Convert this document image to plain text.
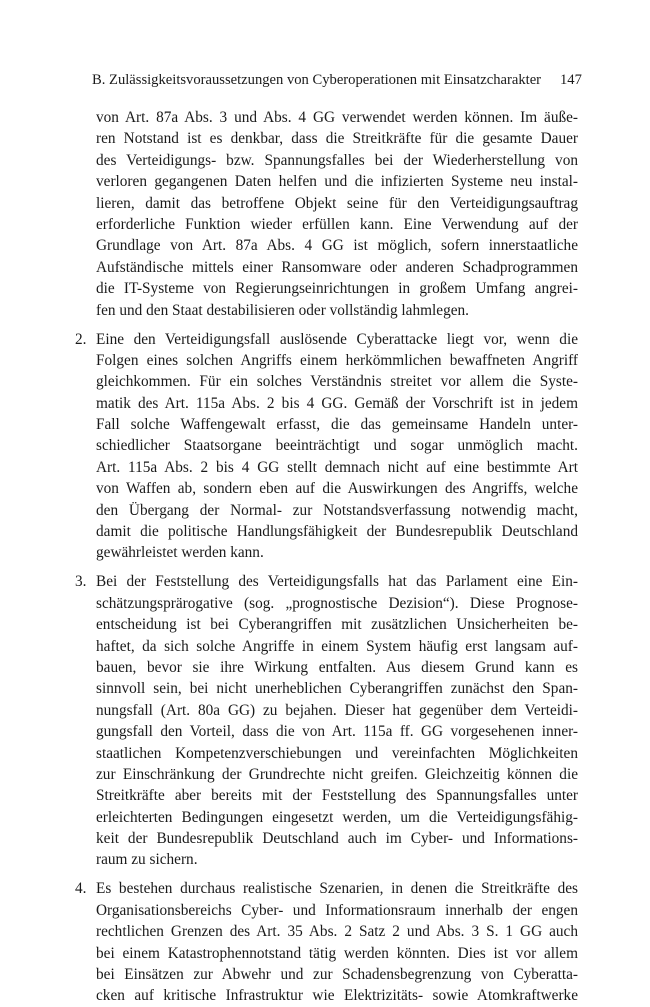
B. Zulässigkeitsvoraussetzungen von Cyberoperationen mit Einsatzcharakter 147
von Art. 87a Abs. 3 und Abs. 4 GG verwendet werden können. Im äuße-
ren Notstand ist es denkbar, dass die Streitkräfte für die gesamte Dauer
des Verteidigungs- bzw. Spannungsfalles bei der Wiederherstellung von
verloren gegangenen Daten helfen und die infizierten Systeme neu instal-
lieren, damit das betroffene Objekt seine für den Verteidigungsauftrag
erforderliche Funktion wieder erfüllen kann. Eine Verwendung auf der
Grundlage von Art. 87a Abs. 4 GG ist möglich, sofern innerstaatliche
Aufständische mittels einer Ransomware oder anderen Schadprogrammen
die IT-Systeme von Regierungseinrichtungen in großem Umfang angrei-
fen und den Staat destabilisieren oder vollständig lahmlegen.
2. Eine den Verteidigungsfall auslösende Cyberattacke liegt vor, wenn die
Folgen eines solchen Angriffs einem herkömmlichen bewaffneten Angriff
gleichkommen. Für ein solches Verständnis streitet vor allem die Syste-
matik des Art. 115a Abs. 2 bis 4 GG. Gemäß der Vorschrift ist in jedem
Fall solche Waffengewalt erfasst, die das gemeinsame Handeln unter-
schiedlicher Staatsorgane beeinträchtigt und sogar unmöglich macht.
Art. 115a Abs. 2 bis 4 GG stellt demnach nicht auf eine bestimmte Art
von Waffen ab, sondern eben auf die Auswirkungen des Angriffs, welche
den Übergang der Normal- zur Notstandsverfassung notwendig macht,
damit die politische Handlungsfähigkeit der Bundesrepublik Deutschland
gewährleistet werden kann.
3. Bei der Feststellung des Verteidigungsfalls hat das Parlament eine Ein-
schätzungsprärogative (sog. „prognostische Dezision“). Diese Prognose-
entscheidung ist bei Cyberangriffen mit zusätzlichen Unsicherheiten be-
haftet, da sich solche Angriffe in einem System häufig erst langsam auf-
bauen, bevor sie ihre Wirkung entfalten. Aus diesem Grund kann es
sinnvoll sein, bei nicht unerheblichen Cyberangriffen zunächst den Span-
nungsfall (Art. 80a GG) zu bejahen. Dieser hat gegenüber dem Verteidi-
gungsfall den Vorteil, dass die von Art. 115a ff. GG vorgesehenen inner-
staatlichen Kompetenzverschiebungen und vereinfachten Möglichkeiten
zur Einschränkung der Grundrechte nicht greifen. Gleichzeitig können die
Streitkräfte aber bereits mit der Feststellung des Spannungsfalles unter
erleichterten Bedingungen eingesetzt werden, um die Verteidigungsfähig-
keit der Bundesrepublik Deutschland auch im Cyber- und Informations-
raum zu sichern.
4. Es bestehen durchaus realistische Szenarien, in denen die Streitkräfte des
Organisationsbereichs Cyber- und Informationsraum innerhalb der engen
rechtlichen Grenzen des Art. 35 Abs. 2 Satz 2 und Abs. 3 S. 1 GG auch
bei einem Katastrophennotstand tätig werden könnten. Dies ist vor allem
bei Einsätzen zur Abwehr und zur Schadensbegrenzung von Cyberatta-
cken auf kritische Infrastruktur wie Elektrizitäts- sowie Atomkraftwerke
